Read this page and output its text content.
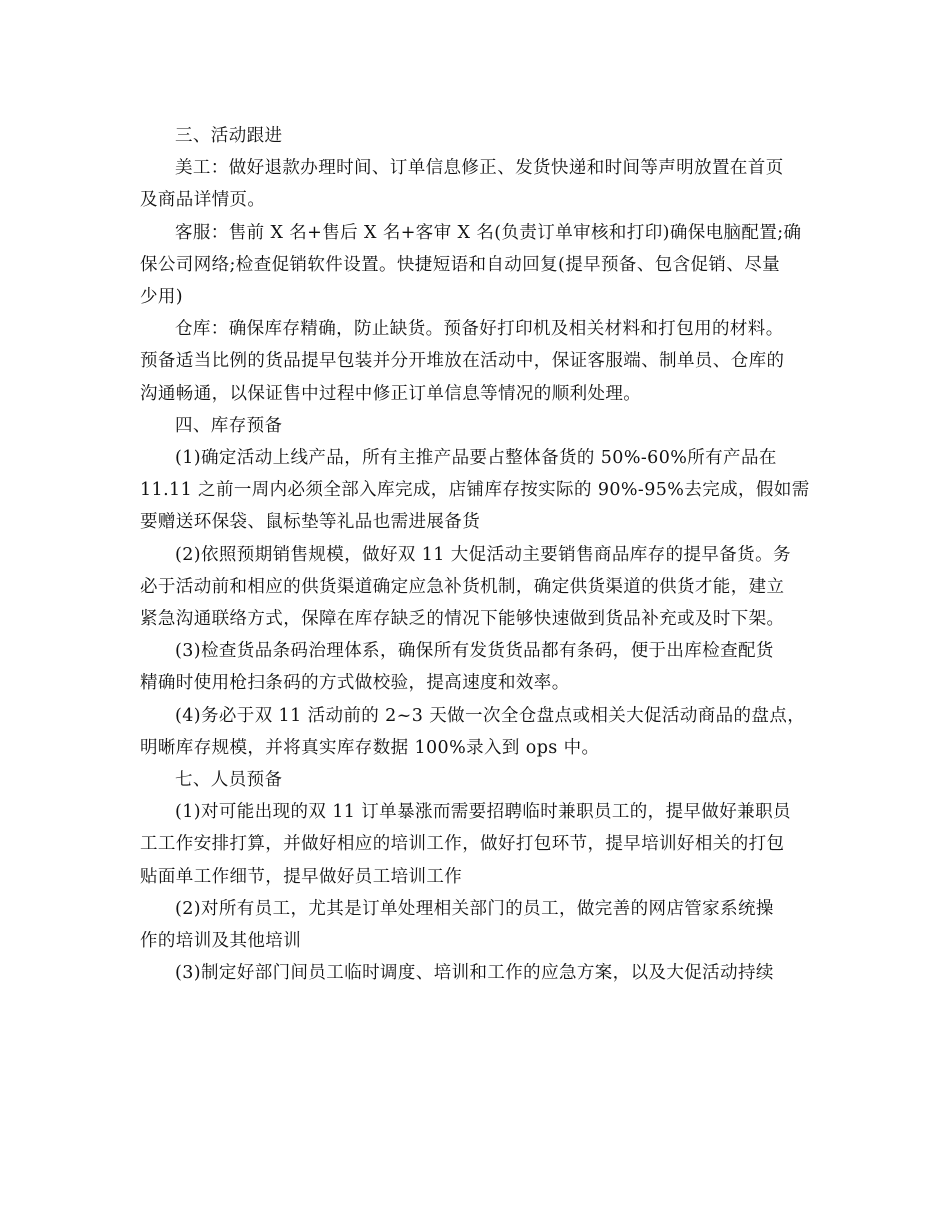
三、活动跟进

美工：做好退款办理时间、订单信息修正、发货快递和时间等声明放置在首页
及商品详情页。

客服：售前 X 名+售后 X 名+客审 X 名(负责订单审核和打印)确保电脑配置;确
保公司网络;检查促销软件设置。快捷短语和自动回复(提早预备、包含促销、尽量
少用)

仓库：确保库存精确，防止缺货。预备好打印机及相关材料和打包用的材料。
预备适当比例的货品提早包装并分开堆放在活动中，保证客服端、制单员、仓库的
沟通畅通，以保证售中过程中修正订单信息等情况的顺利处理。

四、库存预备

(1)确定活动上线产品，所有主推产品要占整体备货的 50%-60%所有产品在
11.11 之前一周内必须全部入库完成，店铺库存按实际的 90%-95%去完成，假如需
要赠送环保袋、鼠标垫等礼品也需进展备货

(2)依照预期销售规模，做好双 11 大促活动主要销售商品库存的提早备货。务
必于活动前和相应的供货渠道确定应急补货机制，确定供货渠道的供货才能，建立
紧急沟通联络方式，保障在库存缺乏的情况下能够快速做到货品补充或及时下架。

(3)检查货品条码治理体系，确保所有发货货品都有条码，便于出库检查配货
精确时使用枪扫条码的方式做校验，提高速度和效率。

(4)务必于双 11 活动前的 2~3 天做一次全仓盘点或相关大促活动商品的盘点，
明晰库存规模，并将真实库存数据 100%录入到 ops 中。

七、人员预备

(1)对可能出现的双 11 订单暴涨而需要招聘临时兼职员工的，提早做好兼职员
工工作安排打算，并做好相应的培训工作，做好打包环节，提早培训好相关的打包
贴面单工作细节，提早做好员工培训工作

(2)对所有员工，尤其是订单处理相关部门的员工，做完善的网店管家系统操
作的培训及其他培训

(3)制定好部门间员工临时调度、培训和工作的应急方案，以及大促活动持续
